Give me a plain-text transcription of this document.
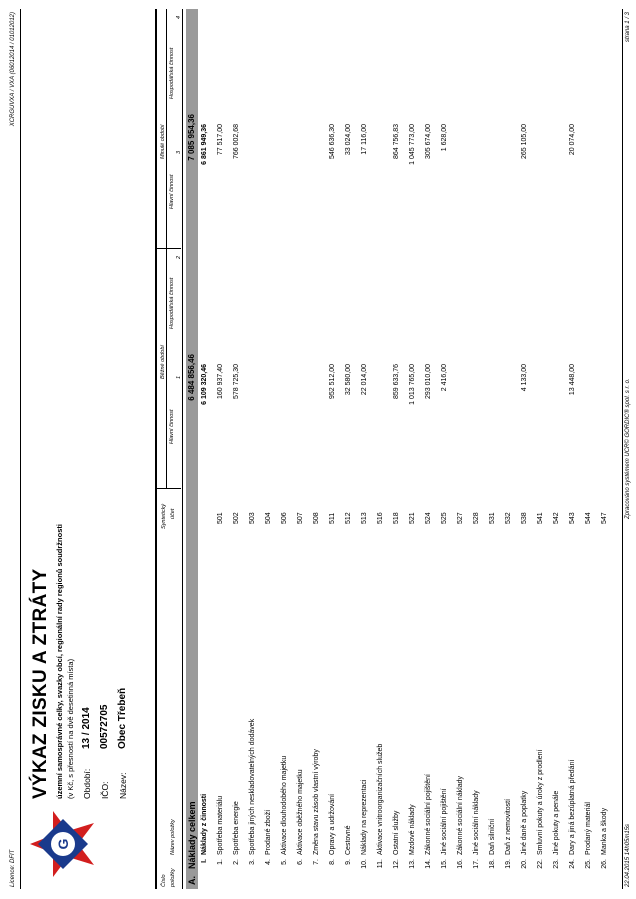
Licence: DFIT
XCRGUVXA / VXA (06012014 / 01012012)
G
VÝKAZ ZISKU A ZTRÁTY územní samosprávné celky, svazky obcí, regionální rady regionů soudržnosti (v Kč, s přesností na dvě desetinná místa) Období:
13 / 2014
IČO:
00572705
Název:
Obec Třebeň
Číslo položky
Název položky
Syntetický účet
Běžné období
Hlavní činnost
Hospodářská činnost
Minulé období
Hlavní činnost
Hospodářská činnost
1
2
3
4
A.
Náklady celkem
6 484 856,46
7 085 954,36
I.
Náklady z činnosti
6 109 320,46
6 861 949,36
1.
Spotřeba materiálu
501
160 937,40
77 517,00
2.
Spotřeba energie
502
578 725,30
766 002,68
3.
Spotřeba jiných neskladovatelných dodávek
503
4.
Prodané zboží
504
5.
Aktivace dlouhodobého majetku
506
6.
Aktivace oběžného majetku
507
7.
Změna stavu zásob vlastní výroby
508
8.
Opravy a udržování
511
952 512,00
546 636,30
9.
Cestovné
512
32 580,00
33 024,00
10.
Náklady na reprezentaci
513
22 014,00
17 116,00
11.
Aktivace vnitroorganizačních služeb
516
12.
Ostatní služby
518
859 633,76
864 756,83
13.
Mzdové náklady
521
1 013 765,00
1 045 773,00
14.
Zákonné sociální pojištění
524
293 010,00
305 674,00
15.
Jiné sociální pojištění
525
2 416,00
1 628,00
16.
Zákonné sociální náklady
527
17.
Jiné sociální náklady
528
18.
Daň silniční
531
19.
Daň z nemovitostí
532
20.
Jiné daně a poplatky
538
4 133,00
265 105,00
22.
Smluvní pokuty a úroky z prodlení
541
23.
Jiné pokuty a penále
542
24.
Dary a jiná bezúplatná předání
543
13 448,00
20 074,00
25.
Prodaný materiál
544
26.
Manka a škody
547
22.04.2015 14h05m15s
Zpracováno systémem UCR© GORDIC® spol. s r. o.
strana 1 / 3
